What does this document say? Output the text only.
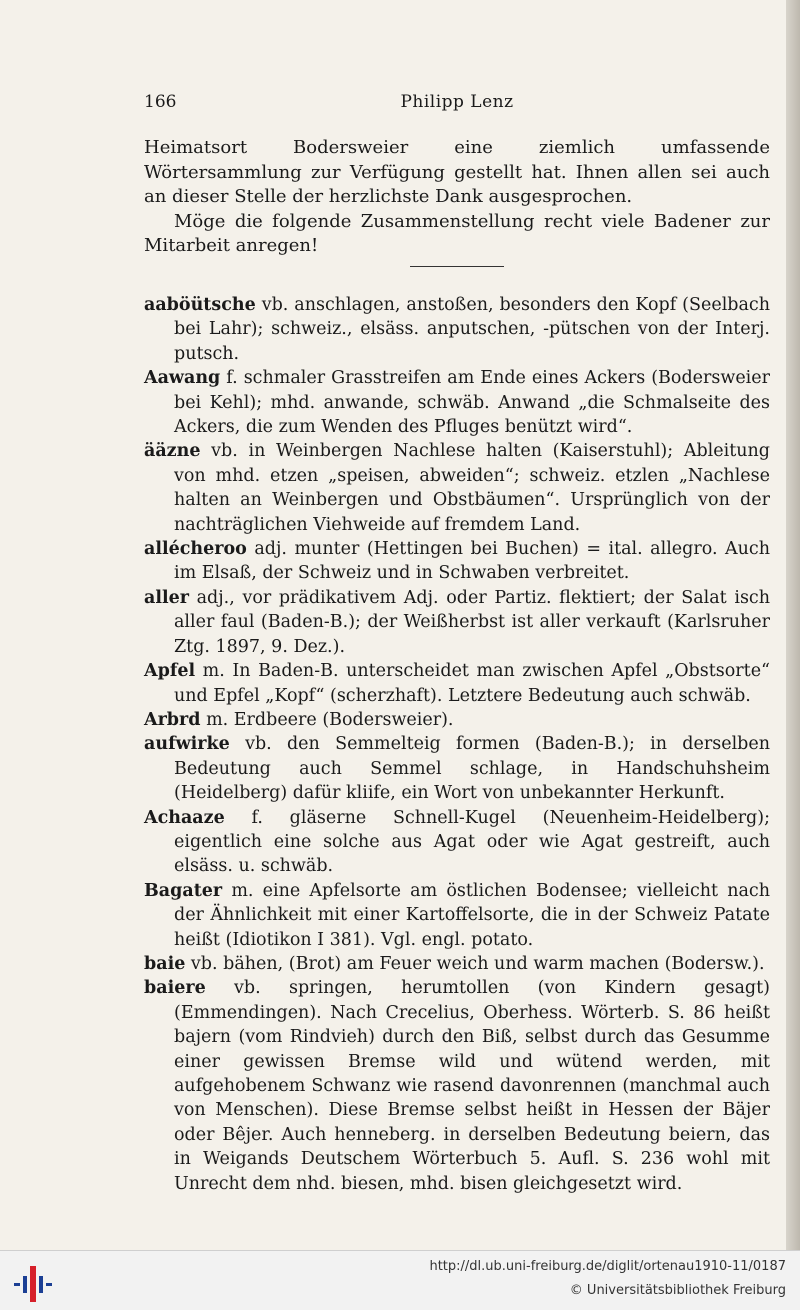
166	Philipp Lenz

Heimatsort Bodersweier eine ziemlich umfassende Wörtersammlung zur Verfügung gestellt hat. Ihnen allen sei auch an dieser Stelle der herzlichste Dank ausgesprochen.

Möge die folgende Zusammenstellung recht viele Badener zur Mitarbeit anregen!

aaböütsche vb. anschlagen, anstoßen, besonders den Kopf (Seelbach bei Lahr); schweiz., elsäss. anputschen, -pütschen von der Interj. putsch.

Aawang f. schmaler Grasstreifen am Ende eines Ackers (Bodersweier bei Kehl); mhd. anwande, schwäb. Anwand „die Schmalseite des Ackers, die zum Wenden des Pfluges benützt wird“.

ääzne vb. in Weinbergen Nachlese halten (Kaiserstuhl); Ableitung von mhd. etzen „speisen, abweiden“; schweiz. etzlen „Nachlese halten an Weinbergen und Obstbäumen“. Ursprünglich von der nachträglichen Viehweide auf fremdem Land.

allécheroo adj. munter (Hettingen bei Buchen) = ital. allegro. Auch im Elsaß, der Schweiz und in Schwaben verbreitet.

aller adj., vor prädikativem Adj. oder Partiz. flektiert; der Salat isch aller faul (Baden-B.); der Weißherbst ist aller verkauft (Karlsruher Ztg. 1897, 9. Dez.).

Apfel m. In Baden-B. unterscheidet man zwischen Apfel „Obstsorte“ und Epfel „Kopf“ (scherzhaft). Letztere Bedeutung auch schwäb.

Arbrd m. Erdbeere (Bodersweier).

aufwirke vb. den Semmelteig formen (Baden-B.); in derselben Bedeutung auch Semmel schlage, in Handschuhsheim (Heidelberg) dafür kliife, ein Wort von unbekannter Herkunft.

Achaaze f. gläserne Schnell-Kugel (Neuenheim-Heidelberg); eigentlich eine solche aus Agat oder wie Agat gestreift, auch elsäss. u. schwäb.

Bagater m. eine Apfelsorte am östlichen Bodensee; vielleicht nach der Ähnlichkeit mit einer Kartoffelsorte, die in der Schweiz Patate heißt (Idiotikon I 381). Vgl. engl. potato.

baie vb. bähen, (Brot) am Feuer weich und warm machen (Bodersw.).

baiere vb. springen, herumtollen (von Kindern gesagt) (Emmendingen). Nach Crecelius, Oberhess. Wörterb. S. 86 heißt bajern (vom Rindvieh) durch den Biß, selbst durch das Gesumme einer gewissen Bremse wild und wütend werden, mit aufgehobenem Schwanz wie rasend davonrennen (manchmal auch von Menschen). Diese Bremse selbst heißt in Hessen der Bäjer oder Bêjer. Auch henneberg. in derselben Bedeutung beiern, das in Weigands Deutschem Wörterbuch 5. Aufl. S. 236 wohl mit Unrecht dem nhd. biesen, mhd. bisen gleichgesetzt wird.

http://dl.ub.uni-freiburg.de/diglit/ortenau1910-11/0187
© Universitätsbibliothek Freiburg
